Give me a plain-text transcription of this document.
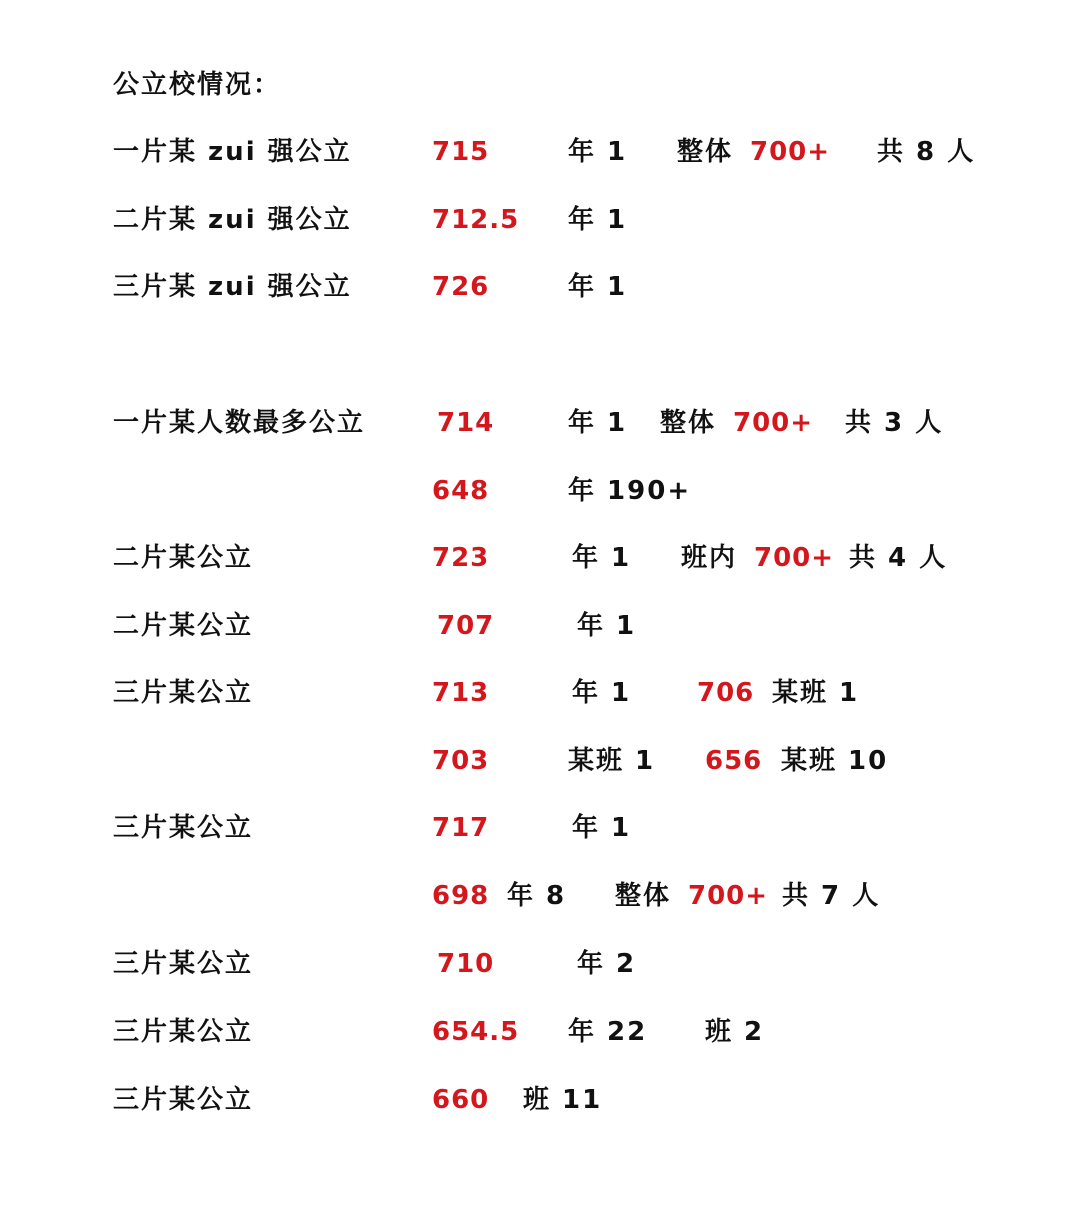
公立校情况：
一片某 zui 强公立	715	年 1 整体 700+ 共 8 人
二片某 zui 强公立	712.5 年 1
三片某 zui 强公立	726	年 1
一片某人数最多公立	714	年 1 整体 700+ 共 3 人
648	年 190+
二片某公立	723	年 1 班内 700+ 共 4 人
二片某公立	707	年 1
三片某公立	713	年 1	706 某班 1
703	某班 1 656 某班 10
三片某公立	717	年 1
698 年 8 整体 700+ 共 7 人
三片某公立	710	年 2
三片某公立	654.5 年 22 班 2
三片某公立	660 班 11
